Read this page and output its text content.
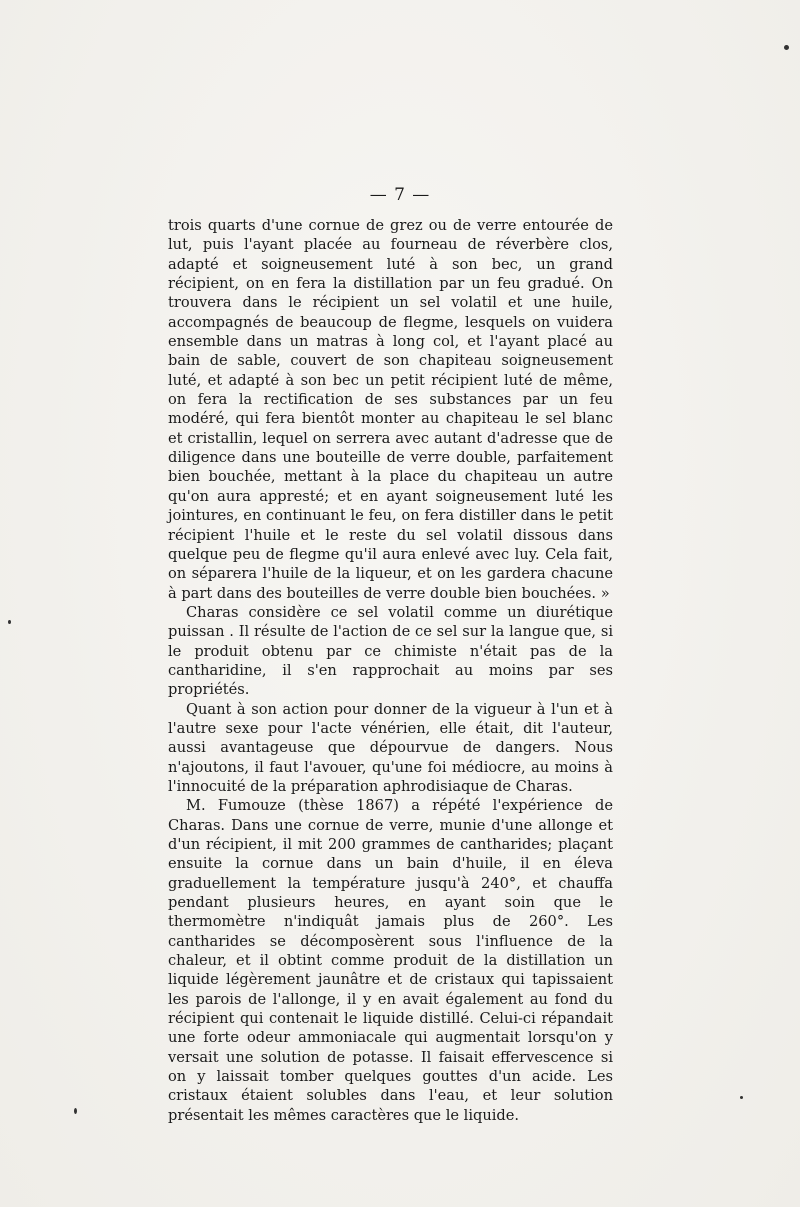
— 7 —

trois quarts d'une cornue de grez ou de verre entourée de lut, puis l'ayant placée au fourneau de réverbère clos, adapté et soigneusement luté à son bec, un grand récipient, on en fera la distillation par un feu gradué. On trouvera dans le récipient un sel volatil et une huile, accompagnés de beaucoup de flegme, lesquels on vuidera ensemble dans un matras à long col, et l'ayant placé au bain de sable, couvert de son chapiteau soigneusement luté, et adapté à son bec un petit récipient luté de même, on fera la rectification de ses substances par un feu modéré, qui fera bientôt monter au chapiteau le sel blanc et cristallin, lequel on serrera avec autant d'adresse que de diligence dans une bouteille de verre double, parfaitement bien bouchée, mettant à la place du chapiteau un autre qu'on aura appresté; et en ayant soigneusement luté les jointures, en continuant le feu, on fera distiller dans le petit récipient l'huile et le reste du sel volatil dissous dans quelque peu de flegme qu'il aura enlevé avec luy. Cela fait, on séparera l'huile de la liqueur, et on les gardera chacune à part dans des bouteilles de verre double bien bouchées. »

Charas considère ce sel volatil comme un diurétique puissan . Il résulte de l'action de ce sel sur la langue que, si le produit obtenu par ce chimiste n'était pas de la cantharidine, il s'en rapprochait au moins par ses propriétés.

Quant à son action pour donner de la vigueur à l'un et à l'autre sexe pour l'acte vénérien, elle était, dit l'auteur, aussi avantageuse que dépourvue de dangers. Nous n'ajoutons, il faut l'avouer, qu'une foi médiocre, au moins à l'innocuité de la préparation aphrodisiaque de Charas.

M. Fumouze (thèse 1867) a répété l'expérience de Charas. Dans une cornue de verre, munie d'une allonge et d'un récipient, il mit 200 grammes de cantharides; plaçant ensuite la cornue dans un bain d'huile, il en éleva graduellement la température jusqu'à 240°, et chauffa pendant plusieurs heures, en ayant soin que le thermomètre n'indiquât jamais plus de 260°. Les cantharides se décomposèrent sous l'influence de la chaleur, et il obtint comme produit de la distillation un liquide légèrement jaunâtre et de cristaux qui tapissaient les parois de l'allonge, il y en avait également au fond du récipient qui contenait le liquide distillé. Celui-ci répandait une forte odeur ammoniacale qui augmentait lorsqu'on y versait une solution de potasse. Il faisait effervescence si on y laissait tomber quelques gouttes d'un acide. Les cristaux étaient solubles dans l'eau, et leur solution présentait les mêmes caractères que le liquide.
